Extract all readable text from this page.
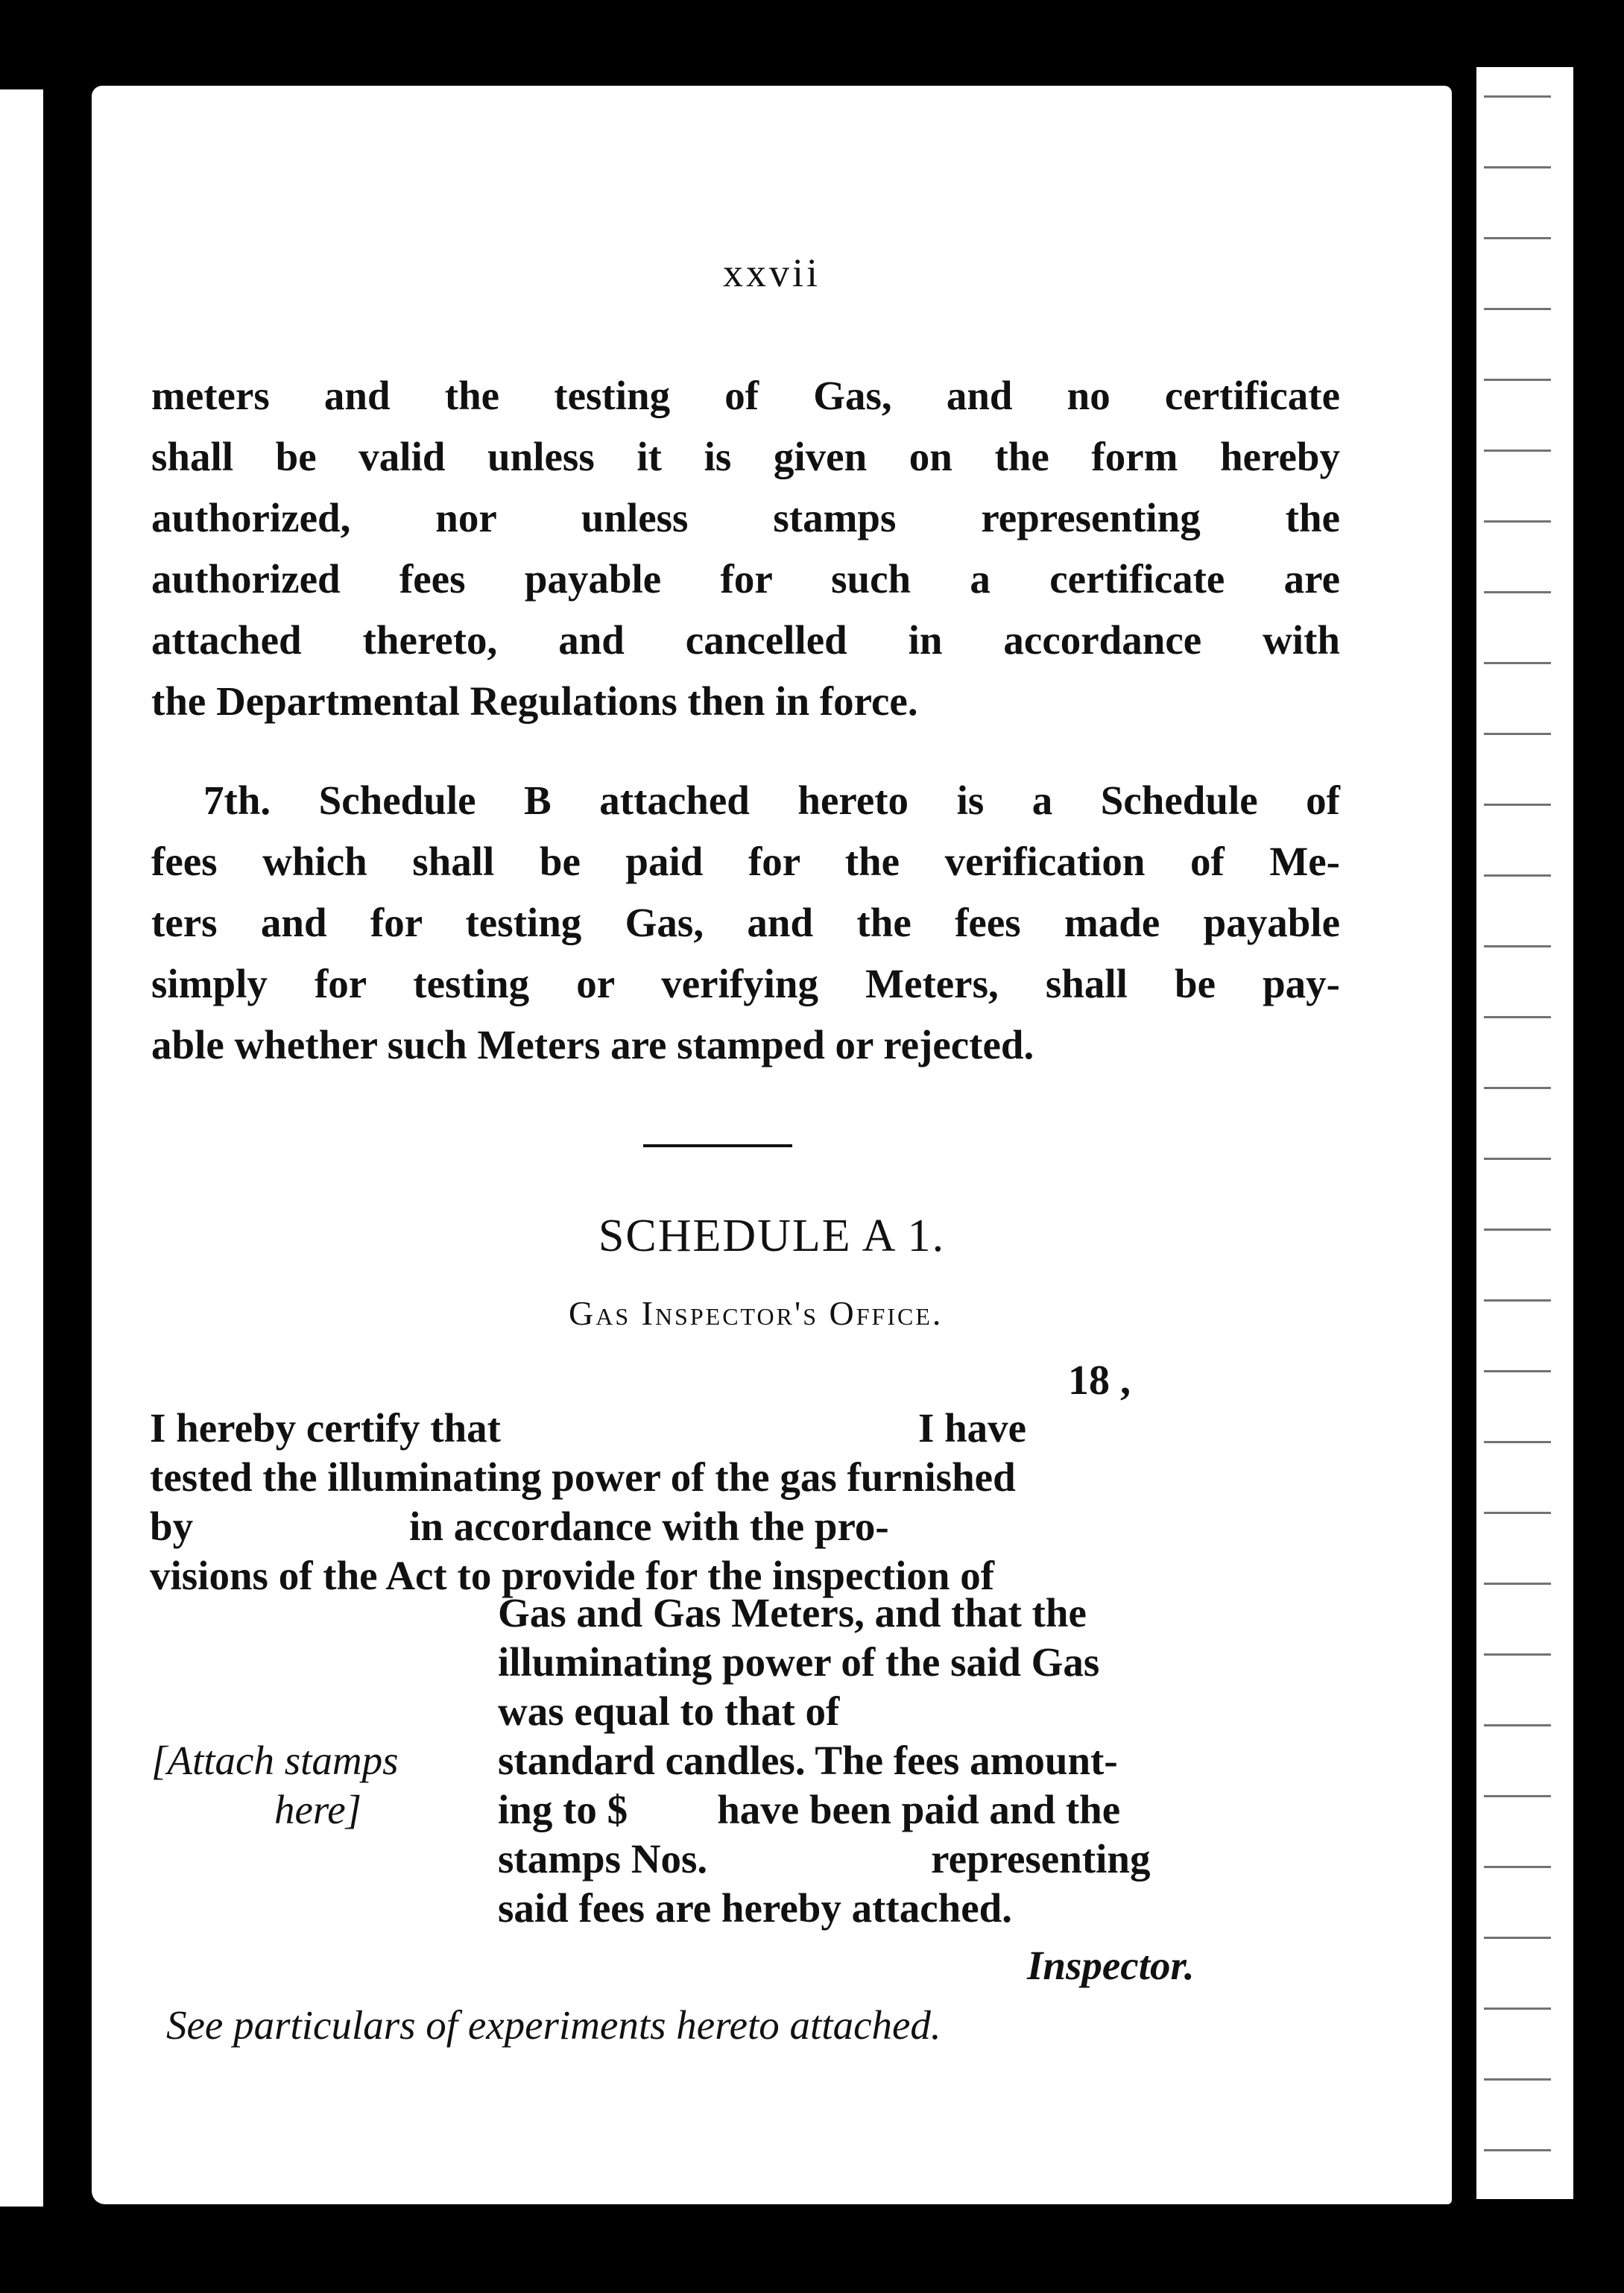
xxvii
meters and the testing of Gas, and no certificate
shall be valid unless it is given on the form hereby
authorized, nor unless stamps representing the
authorized fees payable for such a certificate are
attached thereto, and cancelled in accordance with
the Departmental Regulations then in force.
7th. Schedule B attached hereto is a Schedule of
fees which shall be paid for the verification of Me-
ters and for testing Gas, and the fees made payable
simply for testing or verifying Meters, shall be pay-
able whether such Meters are stamped or rejected.
SCHEDULE A 1.
Gas Inspector's Office.
18 ,
I hereby certify that	I have
tested the illuminating power of the gas furnished
by	in accordance with the pro-
visions of the Act to provide for the inspection of
Gas and Gas Meters, and that the
illuminating power of the said Gas
was equal to that of
standard candles. The fees amount-
ing to $ have been paid and the
stamps Nos.	representing
said fees are hereby attached.
[Attach stamps
here]
Inspector.
See particulars of experiments hereto attached.
